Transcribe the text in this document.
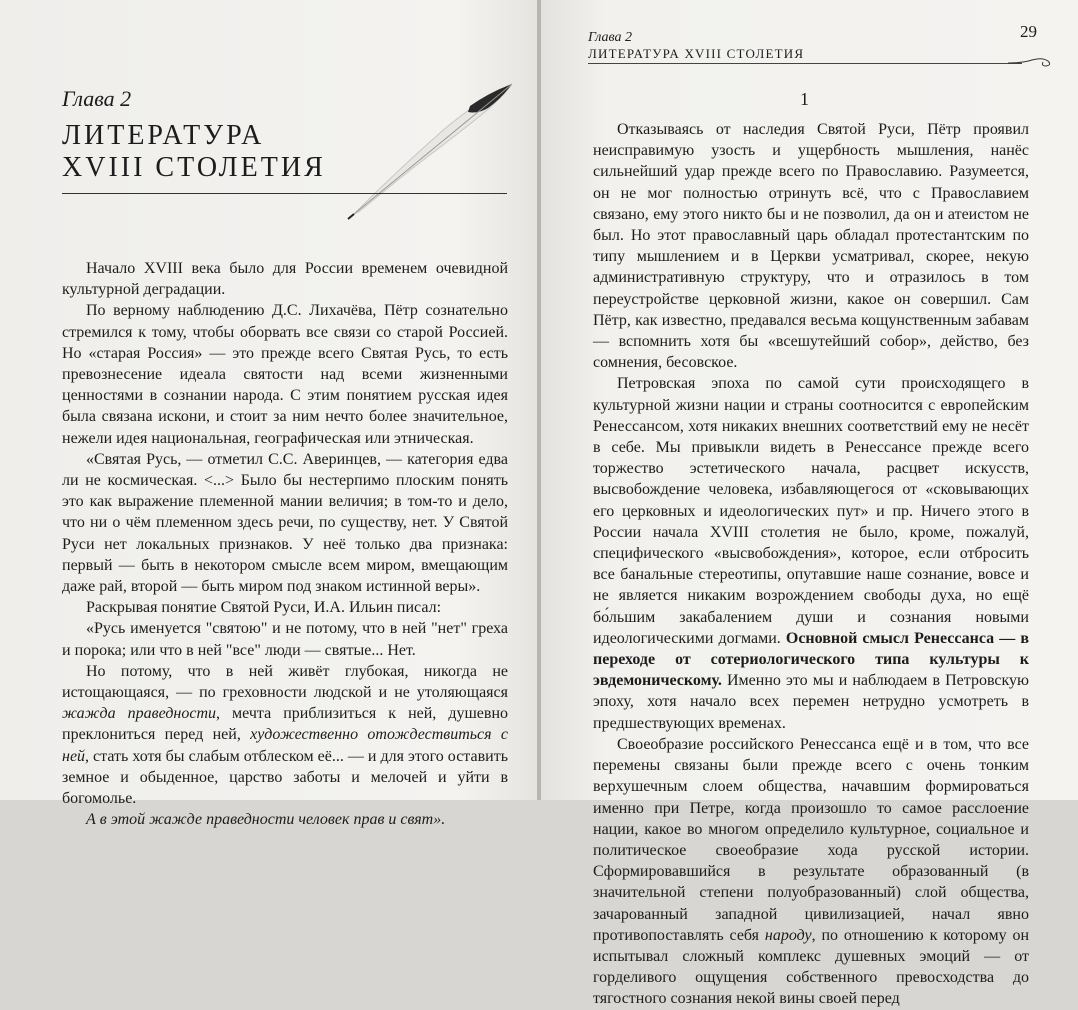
Глава 2
ЛИТЕРАТУРА
XVIII СТОЛЕТИЯ

Начало XVIII века было для России временем очевидной культурной деградации.

По верному наблюдению Д.С. Лихачёва, Пётр сознательно стремился к тому, чтобы оборвать все связи со старой Россией. Но «старая Россия» — это прежде всего Святая Русь, то есть превознесение идеала святости над всеми жизненными ценностями в сознании народа. С этим понятием русская идея была связана искони, и стоит за ним нечто более значительное, нежели идея национальная, географическая или этническая.

«Святая Русь, — отметил С.С. Аверинцев, — категория едва ли не космическая. <...> Было бы нестерпимо плоским понять это как выражение племенной мании величия; в том-то и дело, что ни о чём племенном здесь речи, по существу, нет. У Святой Руси нет локальных признаков. У неё только два признака: первый — быть в некотором смысле всем миром, вмещающим даже рай, второй — быть миром под знаком истинной веры».

Раскрывая понятие Святой Руси, И.А. Ильин писал:

«Русь именуется "святою" и не потому, что в ней "нет" греха и порока; или что в ней "все" люди — святые... Нет.

Но потому, что в ней живёт глубокая, никогда не истощающаяся, — по греховности людской и не утоляющаяся жажда праведности, мечта приблизиться к ней, душевно преклониться перед ней, художественно отождествиться с ней, стать хотя бы слабым отблеском её... — и для этого оставить земное и обыденное, царство заботы и мелочей и уйти в богомолье.

А в этой жажде праведности человек прав и свят».

Глава 2
ЛИТЕРАТУРА XVIII СТОЛЕТИЯ
29
1

Отказываясь от наследия Святой Руси, Пётр проявил неисправимую узость и ущербность мышления, нанёс сильнейший удар прежде всего по Православию. Разумеется, он не мог полностью отринуть всё, что с Православием связано, ему этого никто бы и не позволил, да он и атеистом не был. Но этот православный царь обладал протестантским по типу мышлением и в Церкви усматривал, скорее, некую административную структуру, что и отразилось в том переустройстве церковной жизни, какое он совершил. Сам Пётр, как известно, предавался весьма кощунственным забавам — вспомнить хотя бы «всешутейший собор», действо, без сомнения, бесовское.

Петровская эпоха по самой сути происходящего в культурной жизни нации и страны соотносится с европейским Ренессансом, хотя никаких внешних соответствий ему не несёт в себе. Мы привыкли видеть в Ренессансе прежде всего торжество эстетического начала, расцвет искусств, высвобождение человека, избавляющегося от «сковывающих его церковных и идеологических пут» и пр. Ничего этого в России начала XVIII столетия не было, кроме, пожалуй, специфического «высвобождения», которое, если отбросить все банальные стереотипы, опутавшие наше сознание, вовсе и не является никаким возрождением свободы духа, но ещё бо́льшим закабалением души и сознания новыми идеологическими догмами. Основной смысл Ренессанса — в переходе от сотериологического типа культуры к эвдемоническому. Именно это мы и наблюдаем в Петровскую эпоху, хотя начало всех перемен нетрудно усмотреть в предшествующих временах.

Своеобразие российского Ренессанса ещё и в том, что все перемены связаны были прежде всего с очень тонким верхушечным слоем общества, начавшим формироваться именно при Петре, когда произошло то самое расслоение нации, какое во многом определило культурное, социальное и политическое своеобразие хода русской истории. Сформировавшийся в результате образованный (в значительной степени полуобразованный) слой общества, зачарованный западной цивилизацией, начал явно противопоставлять себя народу, по отношению к которому он испытывал сложный комплекс душевных эмоций — от горделивого ощущения собственного превосходства до тягостного сознания некой вины своей перед
